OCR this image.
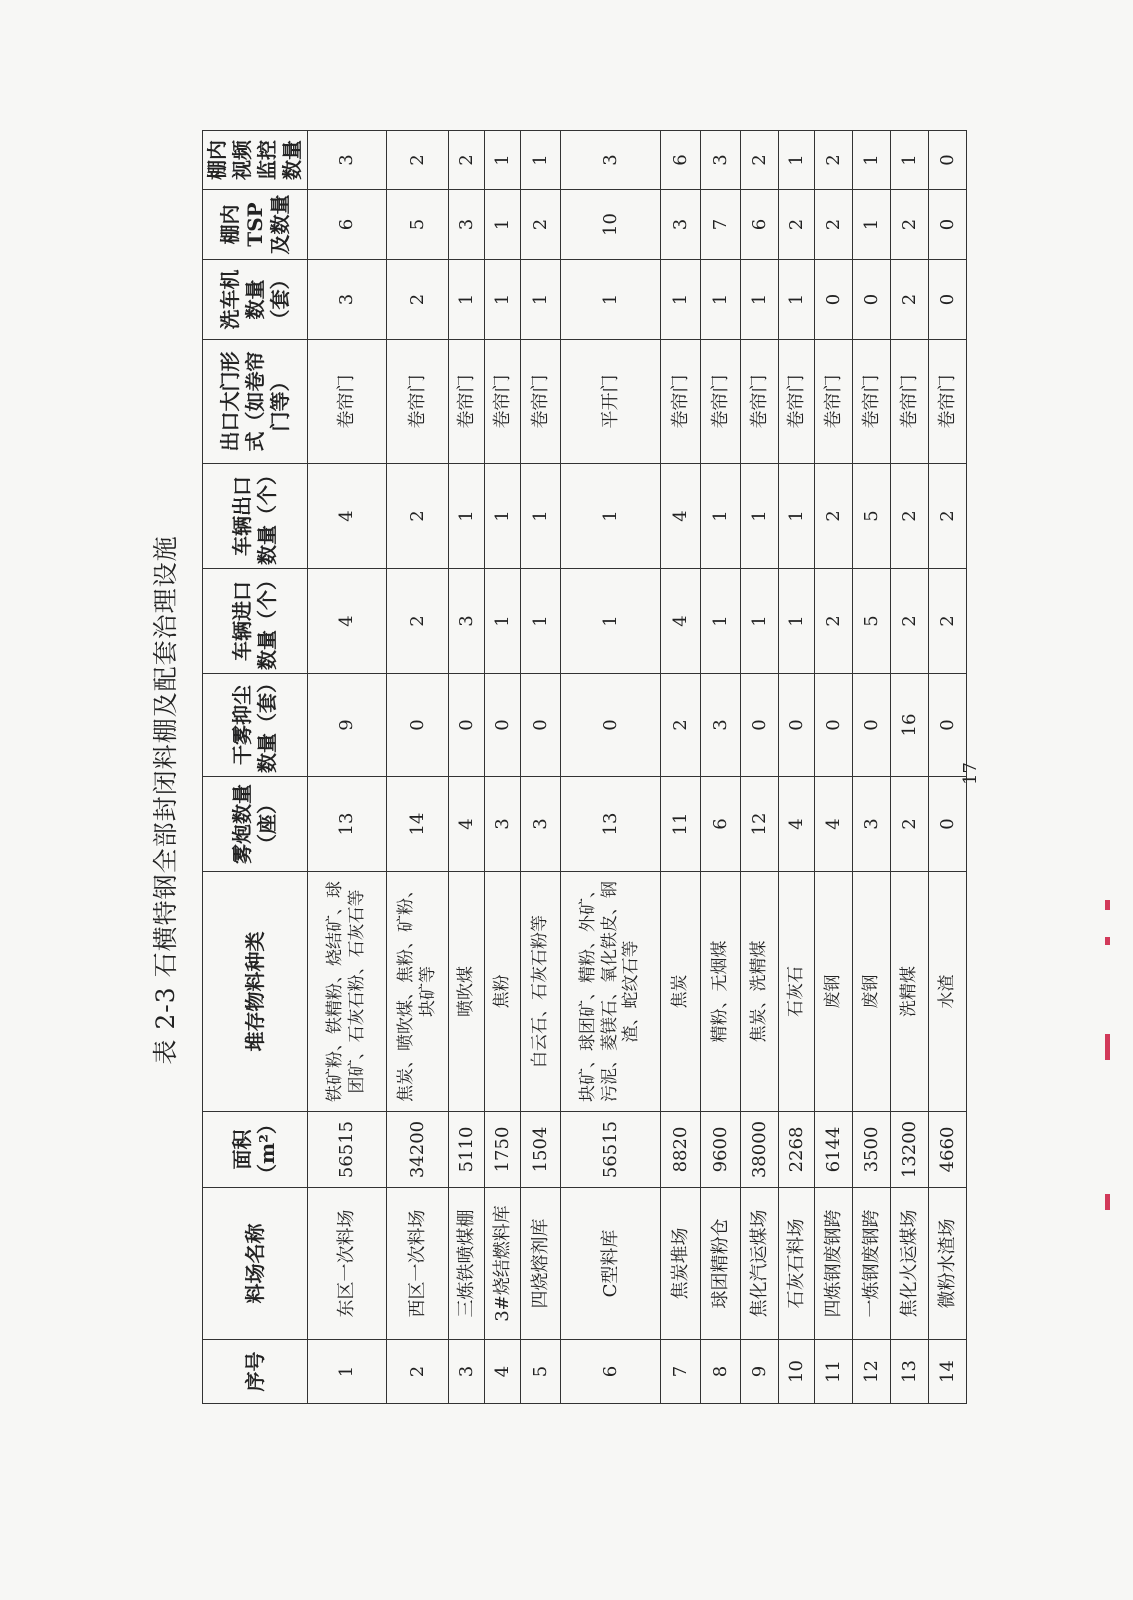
表 2-3 石横特钢全部封闭料棚及配套治理设施
序号	料场名称	面积（m²）	堆存物料种类	雾炮数量（座）	干雾抑尘数量（套）	车辆进口数量（个）	车辆出口数量（个）	出口大门形式（如卷帘门等）	洗车机数量（套）	棚内TSP及数量	棚内视频监控数量
1	东区一次料场	56515	铁矿粉、铁精粉、烧结矿、球团矿、石灰石粉、石灰石等	13	9	4	4	卷帘门	3	6	3
2	西区一次料场	34200	焦炭、喷吹煤、焦粉、矿粉、块矿等	14	0	2	2	卷帘门	2	5	2
3	三炼铁喷煤棚	5110	喷吹煤	4	0	3	1	卷帘门	1	3	2
4	3#烧结燃料库	1750	焦粉	3	0	1	1	卷帘门	1	1	1
5	四烧熔剂库	1504	白云石、石灰石粉等	3	0	1	1	卷帘门	1	2	1
6	C型料库	56515	块矿、球团矿、精粉、外矿、污泥、菱镁石、氧化铁皮、钢渣、蛇纹石等	13	0	1	1	平开门	1	10	3
7	焦炭堆场	8820	焦炭	11	2	4	4	卷帘门	1	3	6
8	球团精粉仓	9600	精粉、无烟煤	6	3	1	1	卷帘门	1	7	3
9	焦化汽运煤场	38000	焦炭、洗精煤	12	0	1	1	卷帘门	1	6	2
10	石灰石料场	2268	石灰石	4	0	1	1	卷帘门	1	2	1
11	四炼钢废钢跨	6144	废钢	4	0	2	2	卷帘门	0	2	2
12	一炼钢废钢跨	3500	废钢	3	0	5	5	卷帘门	0	1	1
13	焦化火运煤场	13200	洗精煤	2	16	2	2	卷帘门	2	2	1
14	微粉水渣场	4660	水渣	0	0	2	2	卷帘门	0	0	0
17
